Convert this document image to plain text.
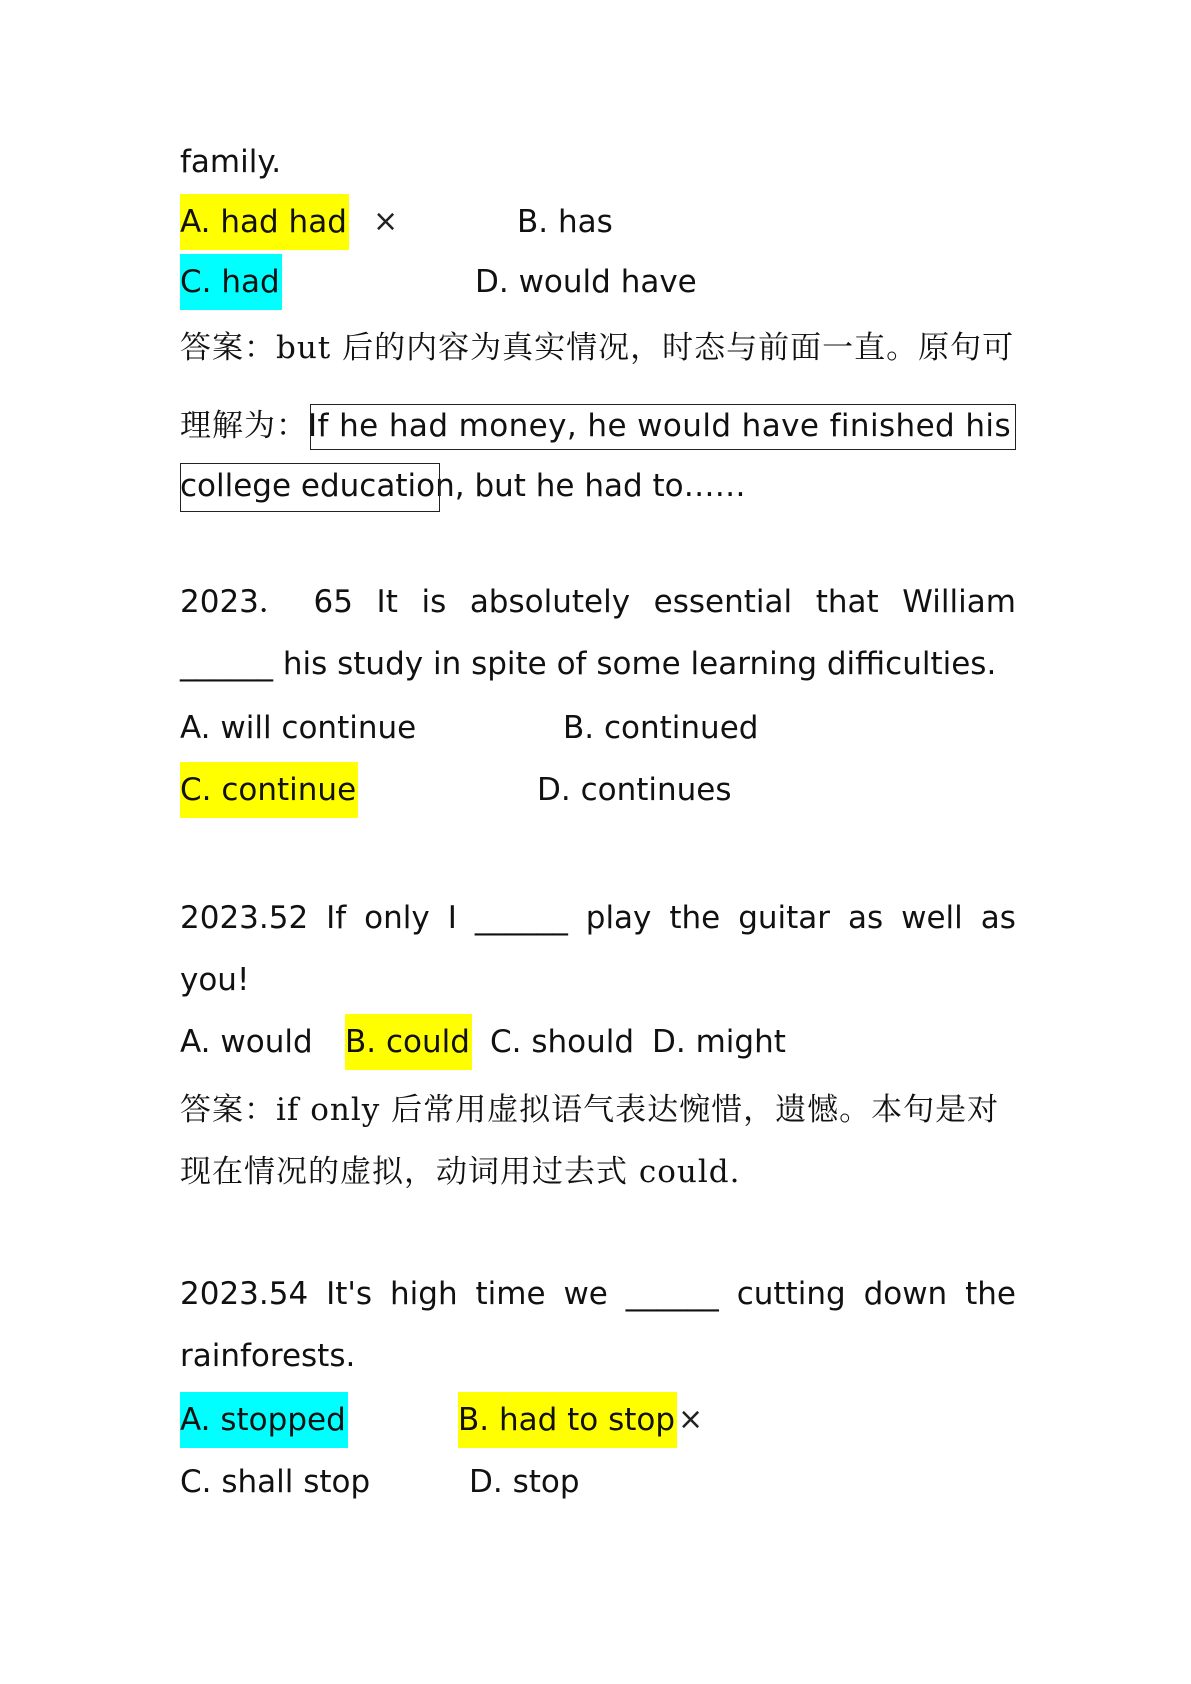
family.
A. had had ×	B. has
C. had	D. would have
答案：but 后的内容为真实情况，时态与前面一直。原句可
理解为：If he had money, he would have finished his
college education, but he had to……
2023． 65 It is absolutely essential that William
______ his study in spite of some learning difficulties.
A. will continue	B. continued
C. continue	D. continues
2023.52 If only I ______ play the guitar as well as
you!
A. would B. could C. should D. might
答案：if only 后常用虚拟语气表达惋惜，遗憾。本句是对
现在情况的虚拟，动词用过去式 could.
2023.54 It's high time we ______ cutting down the
rainforests.
A. stopped	B. had to stop ×
C. shall stop	D. stop
